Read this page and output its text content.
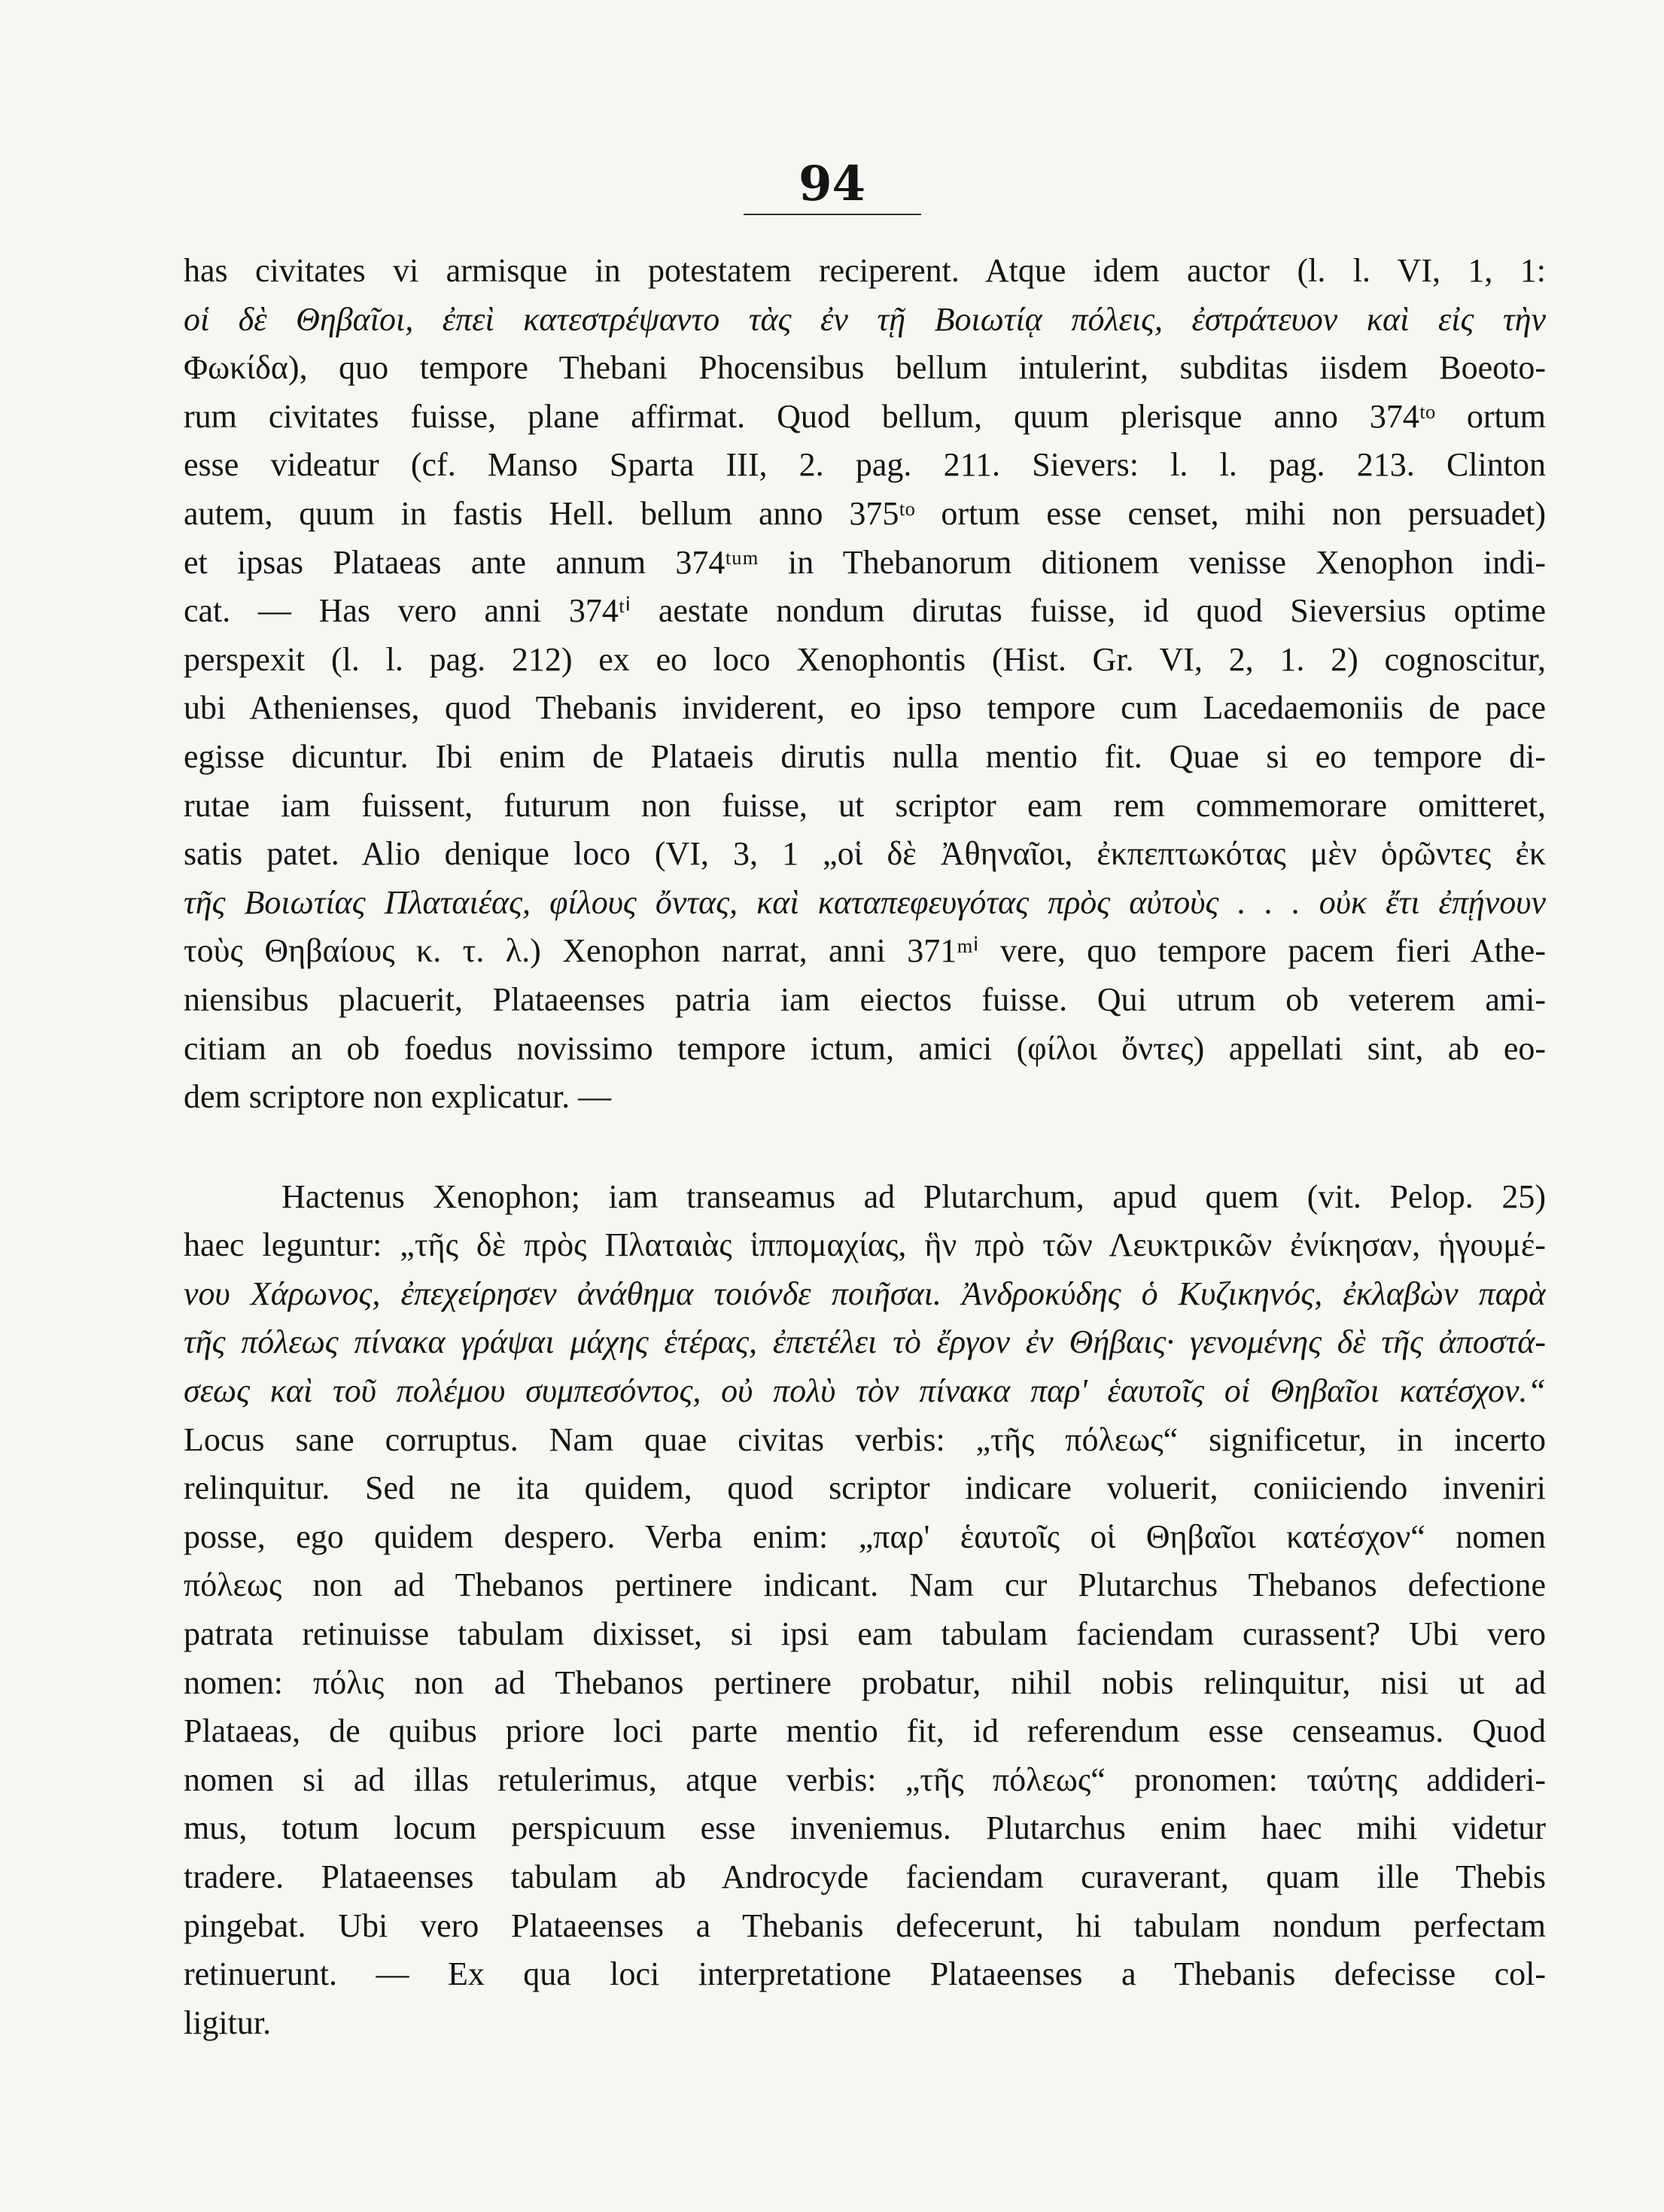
94
has civitates vi armisque in potestatem reciperent. Atque idem auctor (l. l. VI, 1, 1:
οἱ δὲ Θηβαῖοι, ἐπεὶ κατεστρέψαντο τὰς ἐν τῇ Βοιωτίᾳ πόλεις, ἐστράτευον καὶ εἰς τὴν
Φωκίδα), quo tempore Thebani Phocensibus bellum intulerint, subditas iisdem Boeoto-
rum civitates fuisse, plane affirmat. Quod bellum, quum plerisque anno 374ᵗᵒ ortum
esse videatur (cf. Manso Sparta III, 2. pag. 211. Sievers: l. l. pag. 213. Clinton
autem, quum in fastis Hell. bellum anno 375ᵗᵒ ortum esse censet, mihi non persuadet)
et ipsas Plataeas ante annum 374ᵗᵘᵐ in Thebanorum ditionem venisse Xenophon indi-
cat. — Has vero anni 374ᵗⁱ aestate nondum dirutas fuisse, id quod Sieversius optime
perspexit (l. l. pag. 212) ex eo loco Xenophontis (Hist. Gr. VI, 2, 1. 2) cognoscitur,
ubi Athenienses, quod Thebanis inviderent, eo ipso tempore cum Lacedaemoniis de pace
egisse dicuntur. Ibi enim de Plataeis dirutis nulla mentio fit. Quae si eo tempore di-
rutae iam fuissent, futurum non fuisse, ut scriptor eam rem commemorare omitteret,
satis patet. Alio denique loco (VI, 3, 1 „οἱ δὲ Ἀθηναῖοι, ἐκπεπτωκότας μὲν ὁρῶντες ἐκ
τῆς Βοιωτίας Πλαταιέας, φίλους ὄντας, καὶ καταπεφευγότας πρὸς αὐτοὺς . . . οὐκ ἔτι ἐπῄνουν
τοὺς Θηβαίους κ. τ. λ.) Xenophon narrat, anni 371ᵐⁱ vere, quo tempore pacem fieri Athe-
niensibus placuerit, Plataeenses patria iam eiectos fuisse. Qui utrum ob veterem ami-
citiam an ob foedus novissimo tempore ictum, amici (φίλοι ὄντες) appellati sint, ab eo-
dem scriptore non explicatur. —
Hactenus Xenophon; iam transeamus ad Plutarchum, apud quem (vit. Pelop. 25)
haec leguntur: „τῆς δὲ πρὸς Πλαταιὰς ἱππομαχίας, ἣν πρὸ τῶν Λευκτρικῶν ἐνίκησαν, ἡγουμέ-
νου Χάρωνος, ἐπεχείρησεν ἀνάθημα τοιόνδε ποιῆσαι. Ἀνδροκύδης ὁ Κυζικηνός, ἐκλαβὼν παρὰ
τῆς πόλεως πίνακα γράψαι μάχης ἑτέρας, ἐπετέλει τὸ ἔργον ἐν Θήβαις· γενομένης δὲ τῆς ἀποστά-
σεως καὶ τοῦ πολέμου συμπεσόντος, οὐ πολὺ τὸν πίνακα παρ' ἑαυτοῖς οἱ Θηβαῖοι κατέσχον.“
Locus sane corruptus. Nam quae civitas verbis: „τῆς πόλεως“ significetur, in incerto
relinquitur. Sed ne ita quidem, quod scriptor indicare voluerit, coniiciendo inveniri
posse, ego quidem despero. Verba enim: „παρ' ἑαυτοῖς οἱ Θηβαῖοι κατέσχον“ nomen
πόλεως non ad Thebanos pertinere indicant. Nam cur Plutarchus Thebanos defectione
patrata retinuisse tabulam dixisset, si ipsi eam tabulam faciendam curassent? Ubi vero
nomen: πόλις non ad Thebanos pertinere probatur, nihil nobis relinquitur, nisi ut ad
Plataeas, de quibus priore loci parte mentio fit, id referendum esse censeamus. Quod
nomen si ad illas retulerimus, atque verbis: „τῆς πόλεως“ pronomen: ταύτης addideri-
mus, totum locum perspicuum esse inveniemus. Plutarchus enim haec mihi videtur
tradere. Plataeenses tabulam ab Androcyde faciendam curaverant, quam ille Thebis
pingebat. Ubi vero Plataeenses a Thebanis defecerunt, hi tabulam nondum perfectam
retinuerunt. — Ex qua loci interpretatione Plataeenses a Thebanis defecisse col-
ligitur.
